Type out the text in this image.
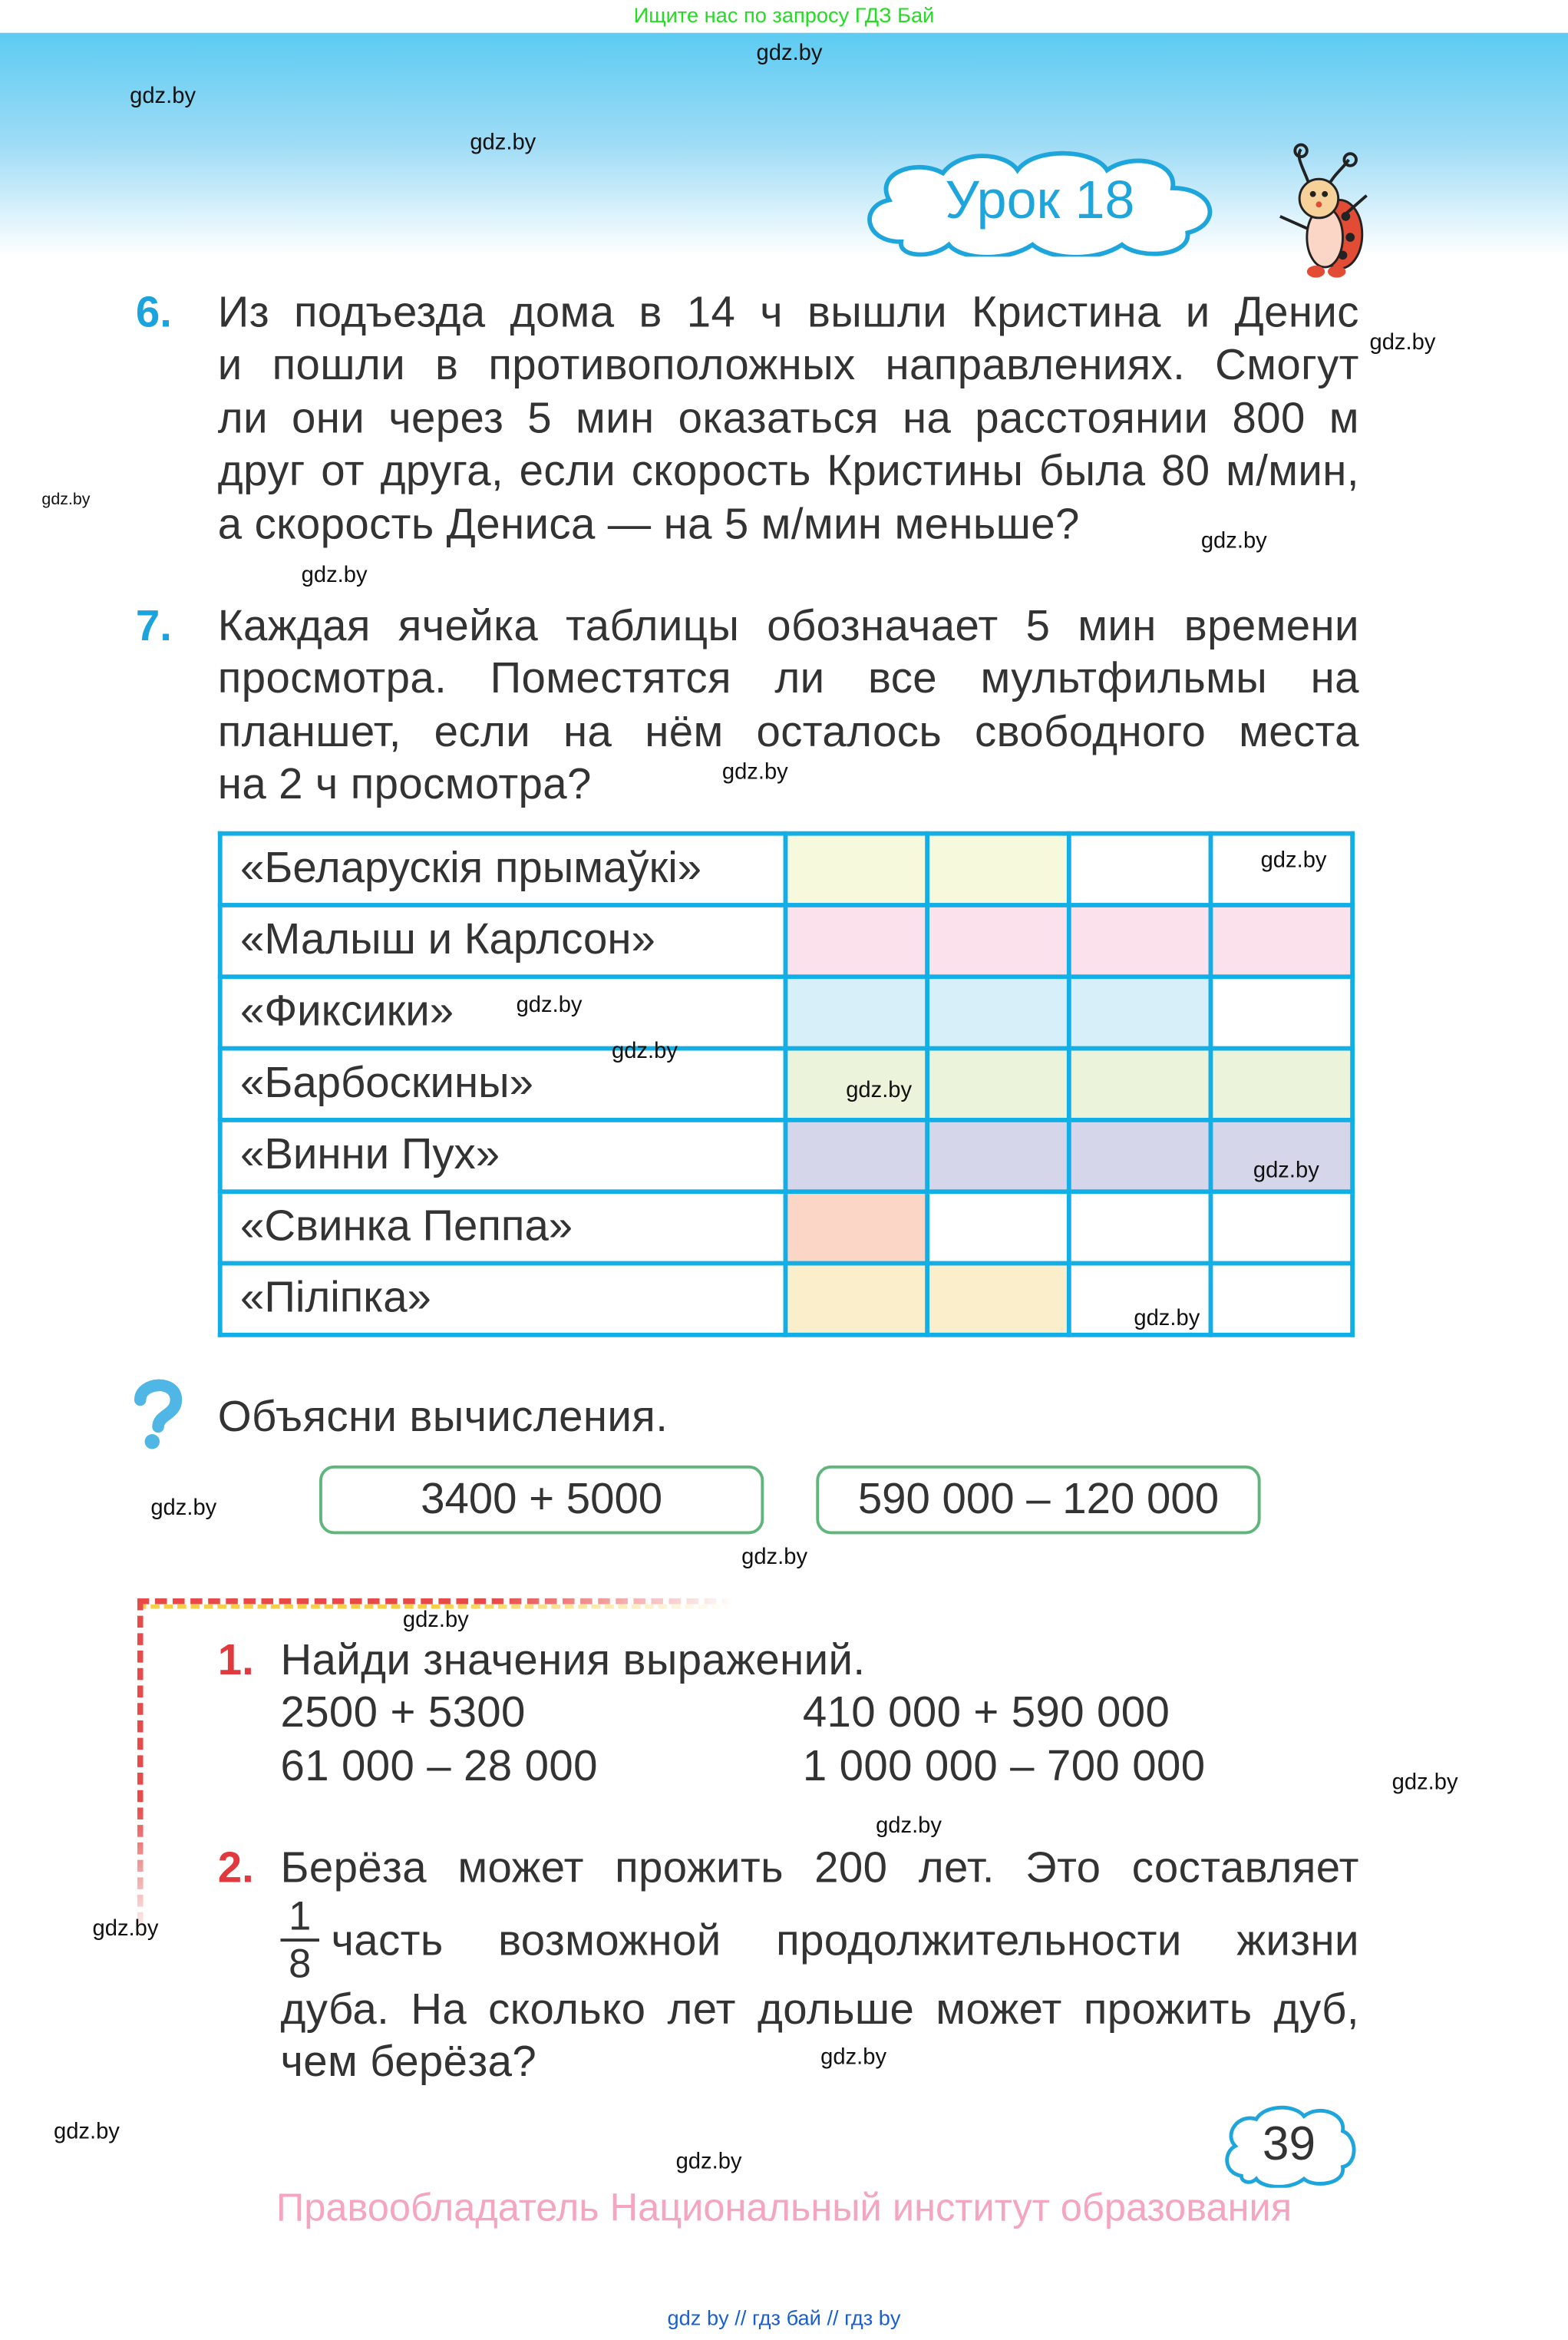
Ищите нас по запросу ГДЗ Бай
Урок 18
6. Из подъезда дома в 14 ч вышли Кристина и Денис
и пошли в противоположных направлениях. Смогут
ли они через 5 мин оказаться на расстоянии 800 м
друг от друга, если скорость Кристины была 80 м/мин,
а скорость Дениса — на 5 м/мин меньше?
7. Каждая ячейка таблицы обозначает 5 мин времени
просмотра. Поместятся ли все мультфильмы на
планшет, если на нём осталось свободного места
на 2 ч просмотра?
«Беларускія прымаўкі»				
«Малыш и Карлсон»				
«Фиксики»				
«Барбоскины»				
«Винни Пух»				
«Свинка Пеппа»				
«Пiлiпка»				
Объясни вычисления.
3400 + 5000	590 000 – 120 000
1. Найди значения выражений.
2500 + 5300
61 000 – 28 000
410 000 + 590 000
1 000 000 – 700 000
2. Берёза может прожить 200 лет. Это составляет
1
8 часть возможной продолжительности жизни
дуба. На сколько лет дольше может прожить дуб,
чем берёза?
39
Правообладатель Национальный институт образования
gdz by // гдз бай // гдз by
gdz.by
gdz.by
gdz.by
gdz.by
gdz.by
gdz.by
gdz.by
gdz.by
gdz.by
gdz.by
gdz.by
gdz.by
gdz.by
gdz.by
gdz.by
gdz.by
gdz.by
gdz.by
gdz.by
gdz.by
gdz.by
gdz.by
gdz.by
